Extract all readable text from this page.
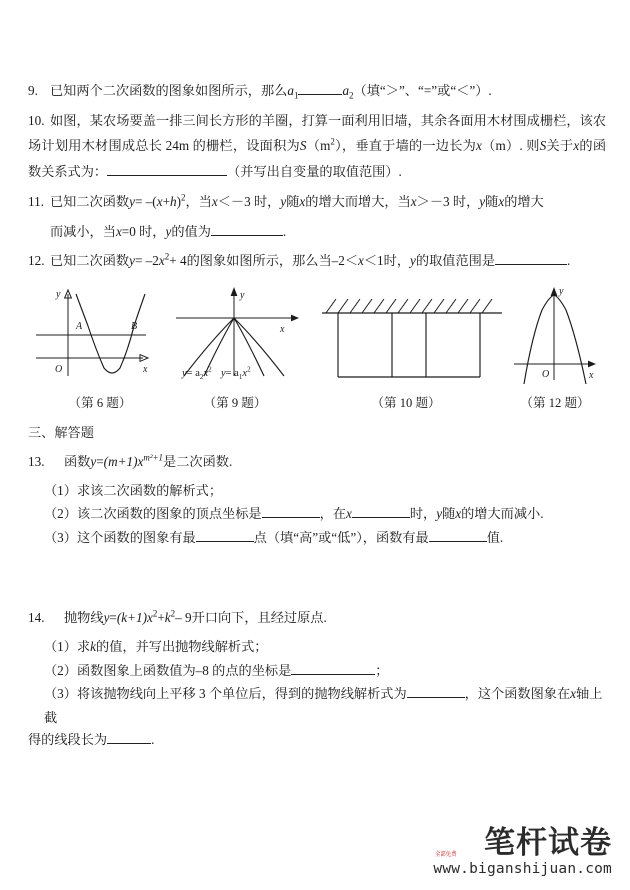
9. 已知两个二次函数的图象如图所示，那么$a_1$	$a_2$（填“＞”、“=”或“＜”）.

10. 如图，某农场要盖一排三间长方形的羊圈，打算一面利用旧墙，其余各面用木材围成栅栏，该农场计划用木材围成总长 24m 的栅栏，设面积为$S(m^2)$，垂直于墙的一边长为x（m）. 则S关于x的函数关系式为：	（并写出自变量的取值范围）.

11. 已知二次函数$y= -(x+h)^2$，当x＜－3 时，y随x的增大而增大，当x＞－3 时，y随x的增大

而减小，当x=0 时，y的值为	.

12. 已知二次函数$y= -2x^2+ 4$的图象如图所示，那么当–2＜x＜1时，y的取值范围是	.

A	B
y
x
O
（第 6 题）
y
x
$y= a_2x^2$ $y= a_1x^2$
（第 9 题）	（第 10 题）
y
x
O
（第 12 题）

三、解答题

13. 函数$y=(m+1)x^{m^2+1}$是二次函数.

（1）求该二次函数的解析式；

（2）该二次函数的图象的顶点坐标是	，在x	时，y随x的增大而减小.

（3）这个函数的图象有最	点（填“高”或“低”），函数有最	值.

14. 抛物线$y=(k+1)x^2+k^2-$ 9开口向下，且经过原点.

（1）求k的值，并写出抛物线解析式；

（2）函数图象上函数值为–8 的点的坐标是	；

（3）将该抛物线向上平移 3 个单位后，得到的抛物线解析式为	，这个函数图象在x轴上截

得的线段长为	.

笔杆试卷
www.biganshijuan.com
全部免费
